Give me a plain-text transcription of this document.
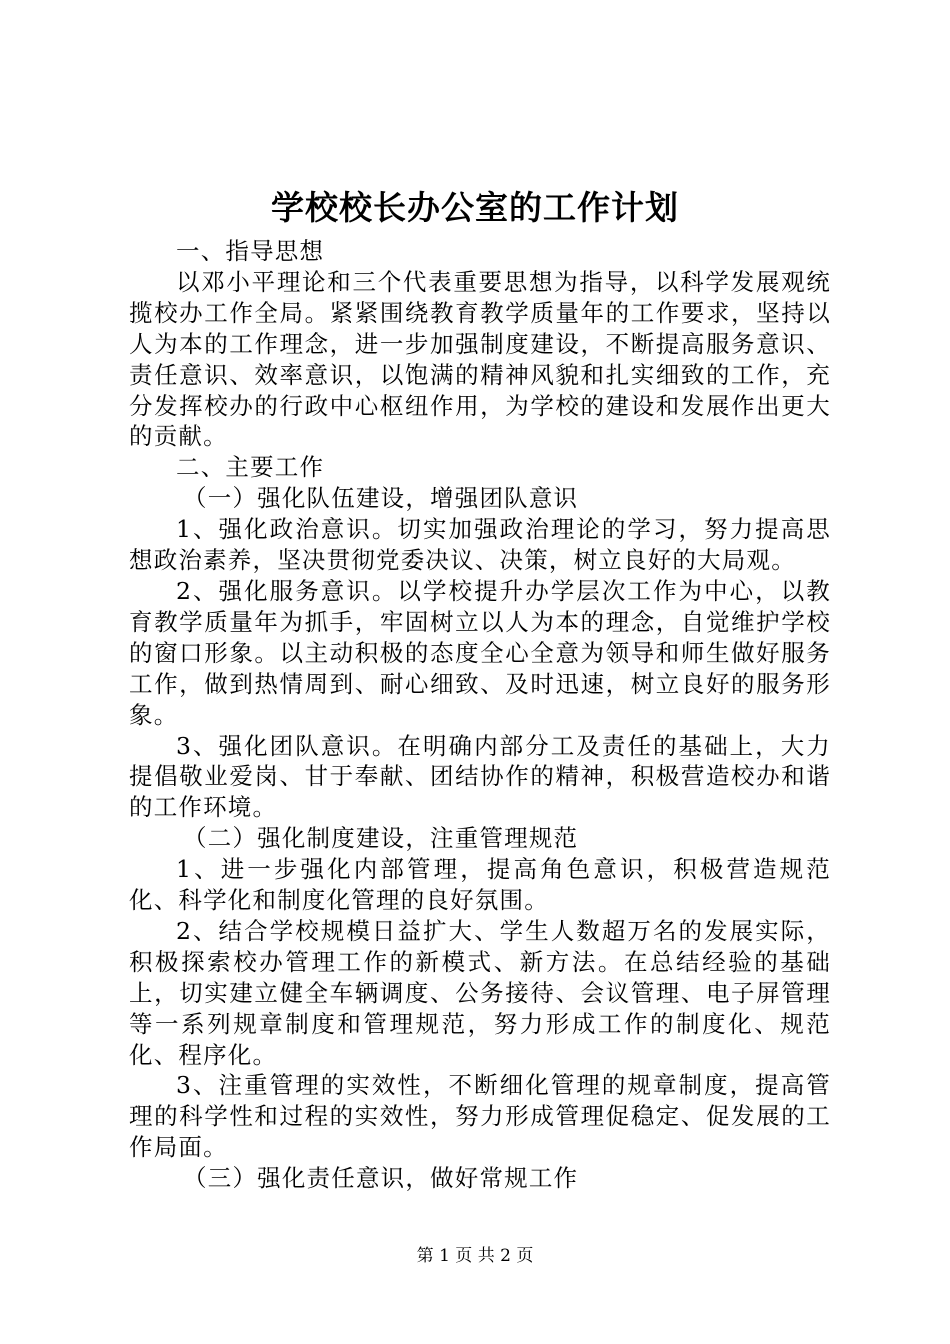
学校校长办公室的工作计划

一、指导思想

以邓小平理论和三个代表重要思想为指导，以科学发展观统揽校办工作全局。紧紧围绕教育教学质量年的工作要求，坚持以人为本的工作理念，进一步加强制度建设，不断提高服务意识、责任意识、效率意识，以饱满的精神风貌和扎实细致的工作，充分发挥校办的行政中心枢纽作用，为学校的建设和发展作出更大的贡献。

二、主要工作

（一）强化队伍建设，增强团队意识

1、强化政治意识。切实加强政治理论的学习，努力提高思想政治素养，坚决贯彻党委决议、决策，树立良好的大局观。

2、强化服务意识。以学校提升办学层次工作为中心，以教育教学质量年为抓手，牢固树立以人为本的理念，自觉维护学校的窗口形象。以主动积极的态度全心全意为领导和师生做好服务工作，做到热情周到、耐心细致、及时迅速，树立良好的服务形象。

3、强化团队意识。在明确内部分工及责任的基础上，大力提倡敬业爱岗、甘于奉献、团结协作的精神，积极营造校办和谐的工作环境。

（二）强化制度建设，注重管理规范

1、进一步强化内部管理，提高角色意识，积极营造规范化、科学化和制度化管理的良好氛围。

2、结合学校规模日益扩大、学生人数超万名的发展实际，积极探索校办管理工作的新模式、新方法。在总结经验的基础上，切实建立健全车辆调度、公务接待、会议管理、电子屏管理等一系列规章制度和管理规范，努力形成工作的制度化、规范化、程序化。

3、注重管理的实效性，不断细化管理的规章制度，提高管理的科学性和过程的实效性，努力形成管理促稳定、促发展的工作局面。

（三）强化责任意识，做好常规工作

第 1 页 共 2 页
